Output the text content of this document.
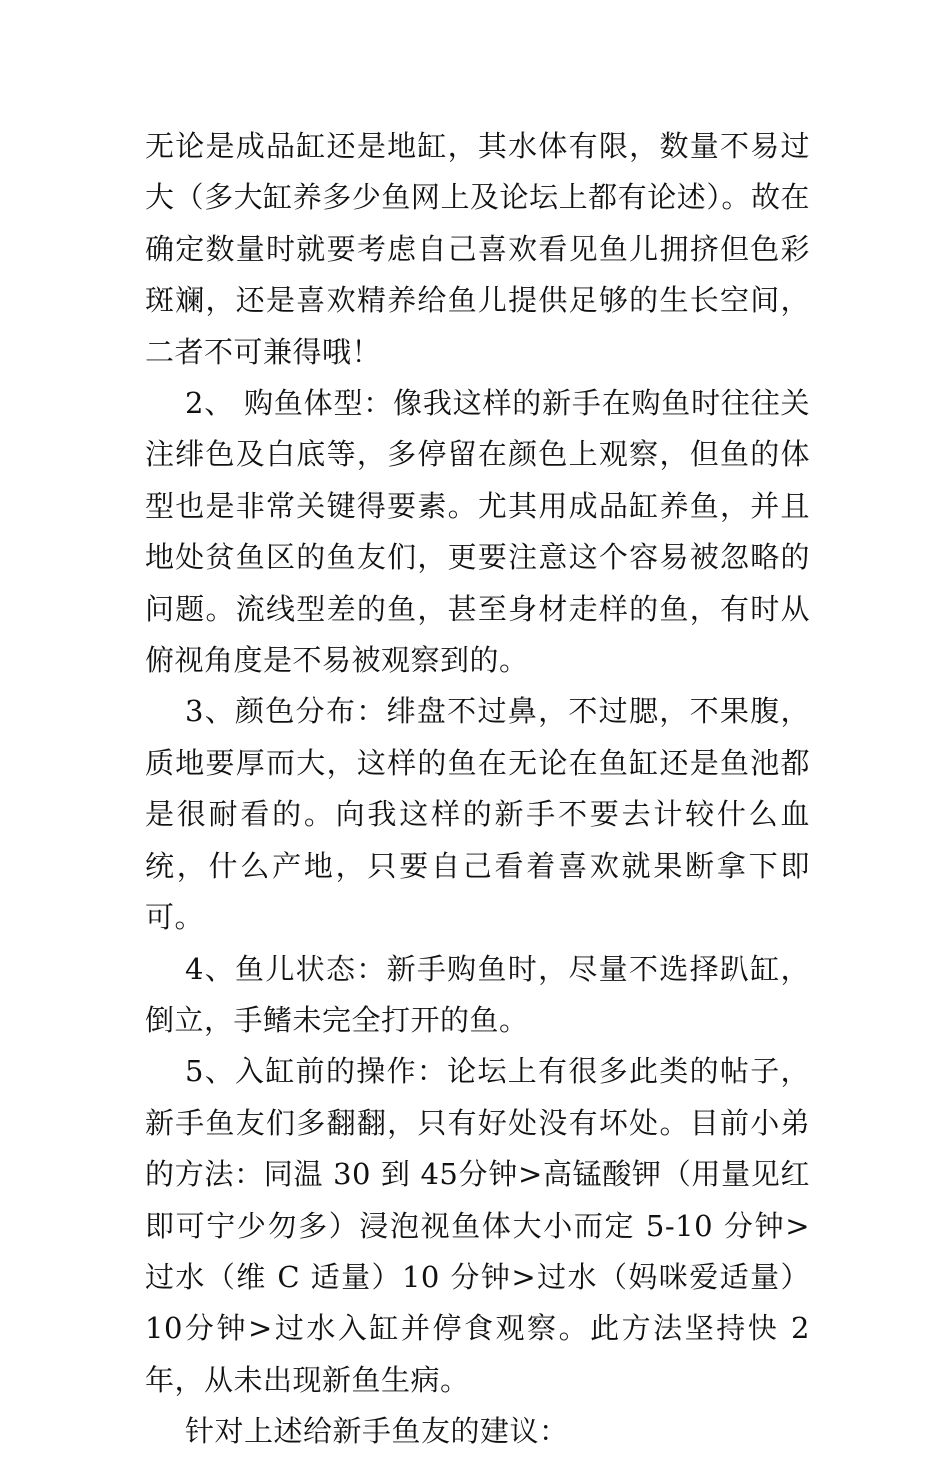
无论是成品缸还是地缸，其水体有限，数量不易过大（多大缸养多少鱼网上及论坛上都有论述）。故在确定数量时就要考虑自己喜欢看见鱼儿拥挤但色彩斑斓，还是喜欢精养给鱼儿提供足够的生长空间，二者不可兼得哦！

2、 购鱼体型：像我这样的新手在购鱼时往往关注绯色及白底等，多停留在颜色上观察，但鱼的体型也是非常关键得要素。尤其用成品缸养鱼，并且地处贫鱼区的鱼友们，更要注意这个容易被忽略的问题。流线型差的鱼，甚至身材走样的鱼，有时从俯视角度是不易被观察到的。

3、颜色分布：绯盘不过鼻，不过腮，不果腹，质地要厚而大，这样的鱼在无论在鱼缸还是鱼池都是很耐看的。向我这样的新手不要去计较什么血统，什么产地，只要自己看着喜欢就果断拿下即可。

4、鱼儿状态：新手购鱼时，尽量不选择趴缸，倒立，手鳍未完全打开的鱼。

5、入缸前的操作：论坛上有很多此类的帖子，新手鱼友们多翻翻，只有好处没有坏处。目前小弟的方法：同温 30 到 45分钟>高锰酸钾（用量见红即可宁少勿多）浸泡视鱼体大小而定 5-10 分钟>过水（维 C 适量）10 分钟>过水（妈咪爱适量）10分钟>过水入缸并停食观察。此方法坚持快 2 年，从未出现新鱼生病。

针对上述给新手鱼友的建议：
